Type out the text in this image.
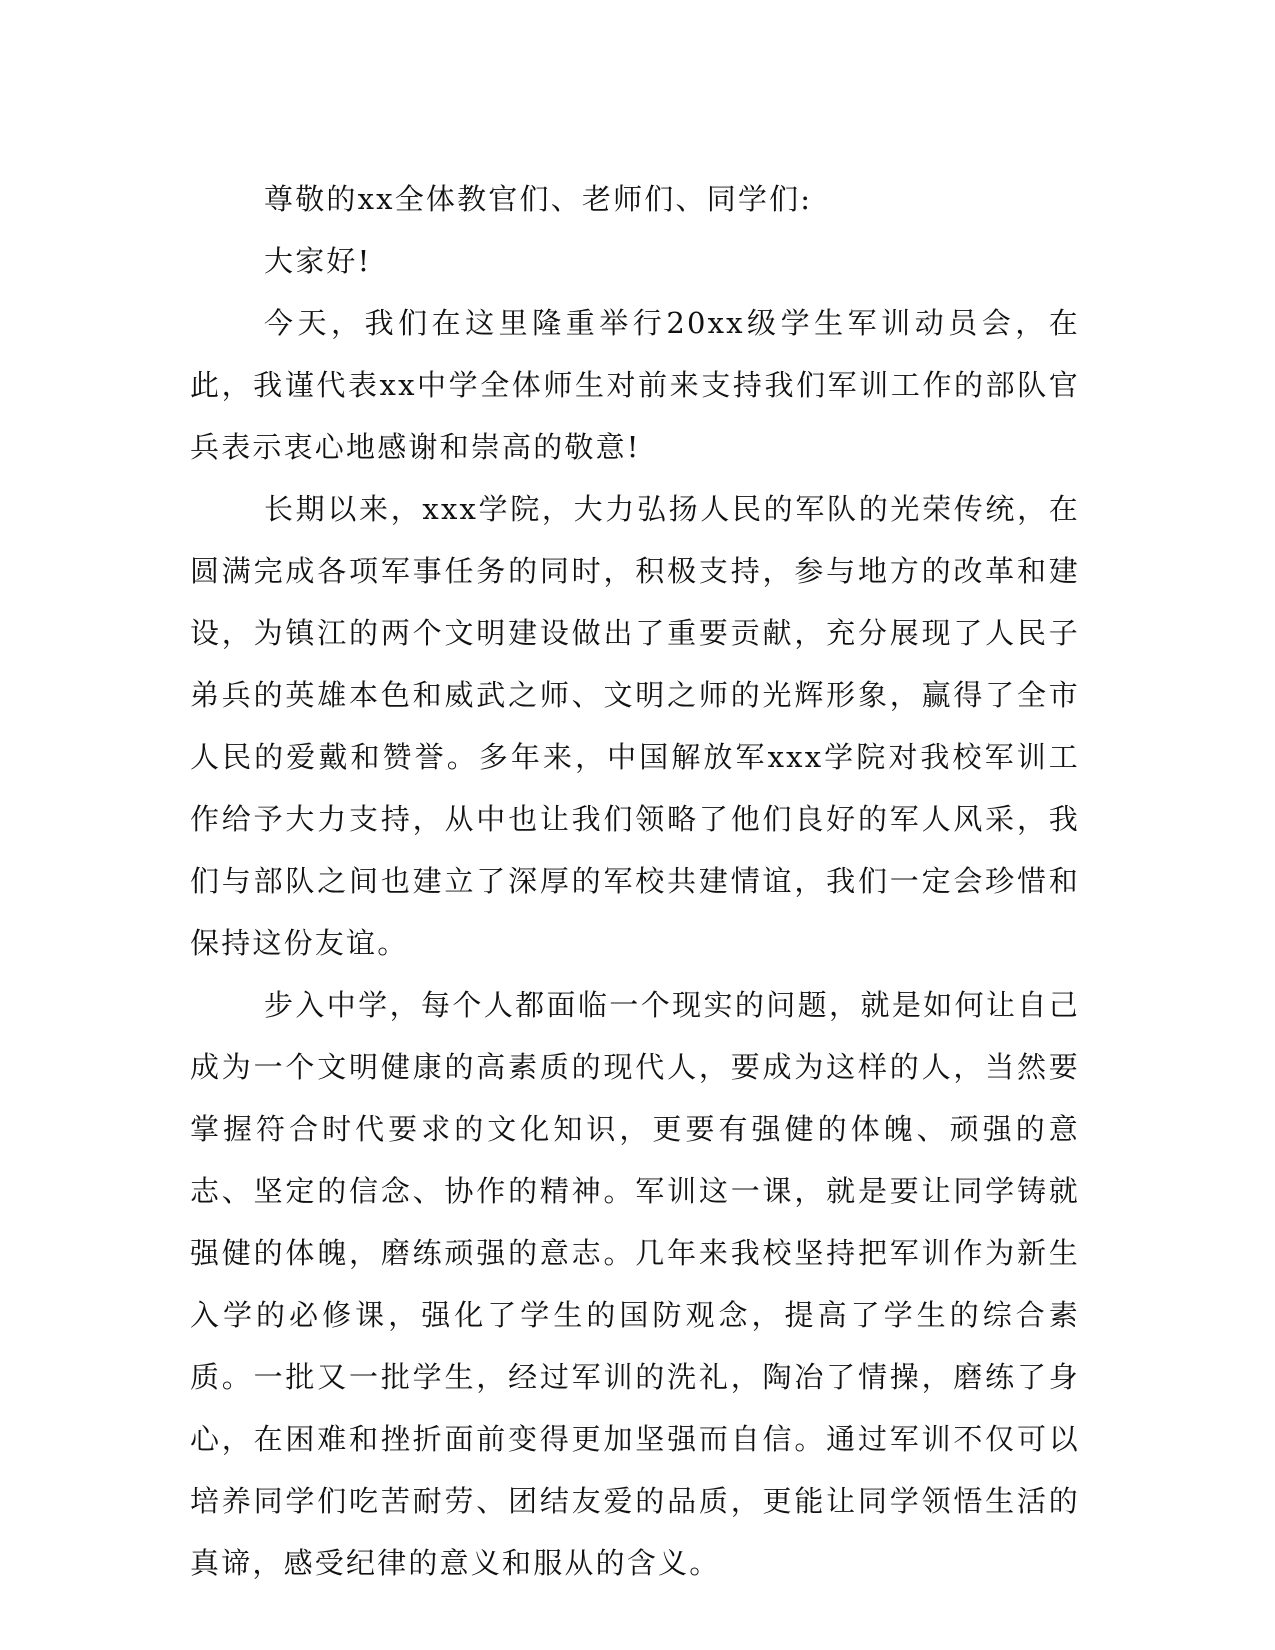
尊敬的xx全体教官们、老师们、同学们:

大家好!

今天，我们在这里隆重举行20xx级学生军训动员会，在此，我谨代表xx中学全体师生对前来支持我们军训工作的部队官兵表示衷心地感谢和崇高的敬意!

长期以来，xxx学院，大力弘扬人民的军队的光荣传统，在圆满完成各项军事任务的同时，积极支持，参与地方的改革和建设，为镇江的两个文明建设做出了重要贡献，充分展现了人民子弟兵的英雄本色和威武之师、文明之师的光辉形象，赢得了全市人民的爱戴和赞誉。多年来，中国解放军xxx学院对我校军训工作给予大力支持，从中也让我们领略了他们良好的军人风采，我们与部队之间也建立了深厚的军校共建情谊，我们一定会珍惜和保持这份友谊。

步入中学，每个人都面临一个现实的问题，就是如何让自己成为一个文明健康的高素质的现代人，要成为这样的人，当然要掌握符合时代要求的文化知识，更要有强健的体魄、顽强的意志、坚定的信念、协作的精神。军训这一课，就是要让同学铸就强健的体魄，磨练顽强的意志。几年来我校坚持把军训作为新生入学的必修课，强化了学生的国防观念，提高了学生的综合素质。一批又一批学生，经过军训的洗礼，陶冶了情操，磨练了身心，在困难和挫折面前变得更加坚强而自信。通过军训不仅可以培养同学们吃苦耐劳、团结友爱的品质，更能让同学领悟生活的真谛，感受纪律的意义和服从的含义。
